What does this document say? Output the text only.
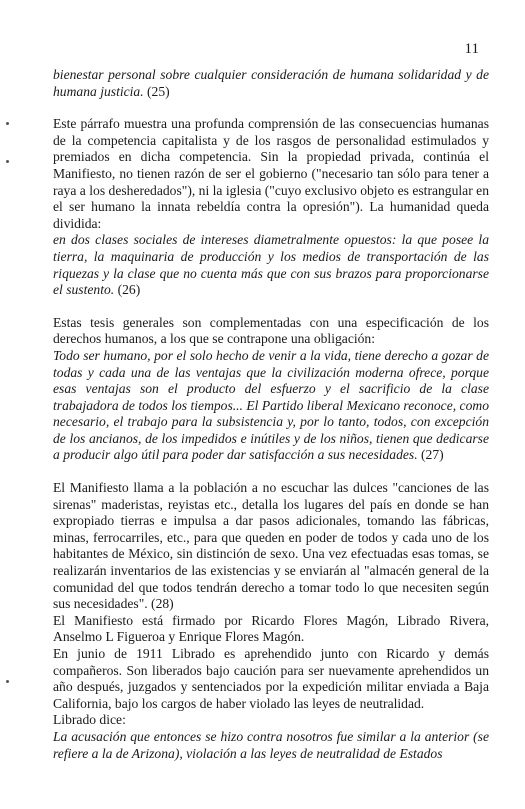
11

bienestar personal sobre cualquier consideración de humana solidaridad y de humana justicia. (25)

Este párrafo muestra una profunda comprensión de las consecuencias humanas de la competencia capitalista y de los rasgos de personalidad estimulados y premiados en dicha competencia. Sin la propiedad privada, continúa el Manifiesto, no tienen razón de ser el gobierno ("necesario tan sólo para tener a raya a los desheredados"), ni la iglesia ("cuyo exclusivo objeto es estrangular en el ser humano la innata rebeldía contra la opresión"). La humanidad queda dividida:

en dos clases sociales de intereses diametralmente opuestos: la que posee la tierra, la maquinaria de producción y los medios de transportación de las riquezas y la clase que no cuenta más que con sus brazos para proporcionarse el sustento. (26)

Estas tesis generales son complementadas con una especificación de los derechos humanos, a los que se contrapone una obligación:

Todo ser humano, por el solo hecho de venir a la vida, tiene derecho a gozar de todas y cada una de las ventajas que la civilización moderna ofrece, porque esas ventajas son el producto del esfuerzo y el sacrificio de la clase trabajadora de todos los tiempos... El Partido liberal Mexicano reconoce, como necesario, el trabajo para la subsistencia y, por lo tanto, todos, con excepción de los ancianos, de los impedidos e inútiles y de los niños, tienen que dedicarse a producir algo útil para poder dar satisfacción a sus necesidades. (27)

El Manifiesto llama a la población a no escuchar las dulces "canciones de las sirenas" maderistas, reyistas etc., detalla los lugares del país en donde se han expropiado tierras e impulsa a dar pasos adicionales, tomando las fábricas, minas, ferrocarriles, etc., para que queden en poder de todos y cada uno de los habitantes de México, sin distinción de sexo. Una vez efectuadas esas tomas, se realizarán inventarios de las existencias y se enviarán al "almacén general de la comunidad del que todos tendrán derecho a tomar todo lo que necesiten según sus necesidades". (28)

El Manifiesto está firmado por Ricardo Flores Magón, Librado Rivera, Anselmo L Figueroa y Enrique Flores Magón.

En junio de 1911 Librado es aprehendido junto con Ricardo y demás compañeros. Son liberados bajo caución para ser nuevamente aprehendidos un año después, juzgados y sentenciados por la expedición militar enviada a Baja California, bajo los cargos de haber violado las leyes de neutralidad.

Librado dice:

La acusación que entonces se hizo contra nosotros fue similar a la anterior (se refiere a la de Arizona), violación a las leyes de neutralidad de Estados
